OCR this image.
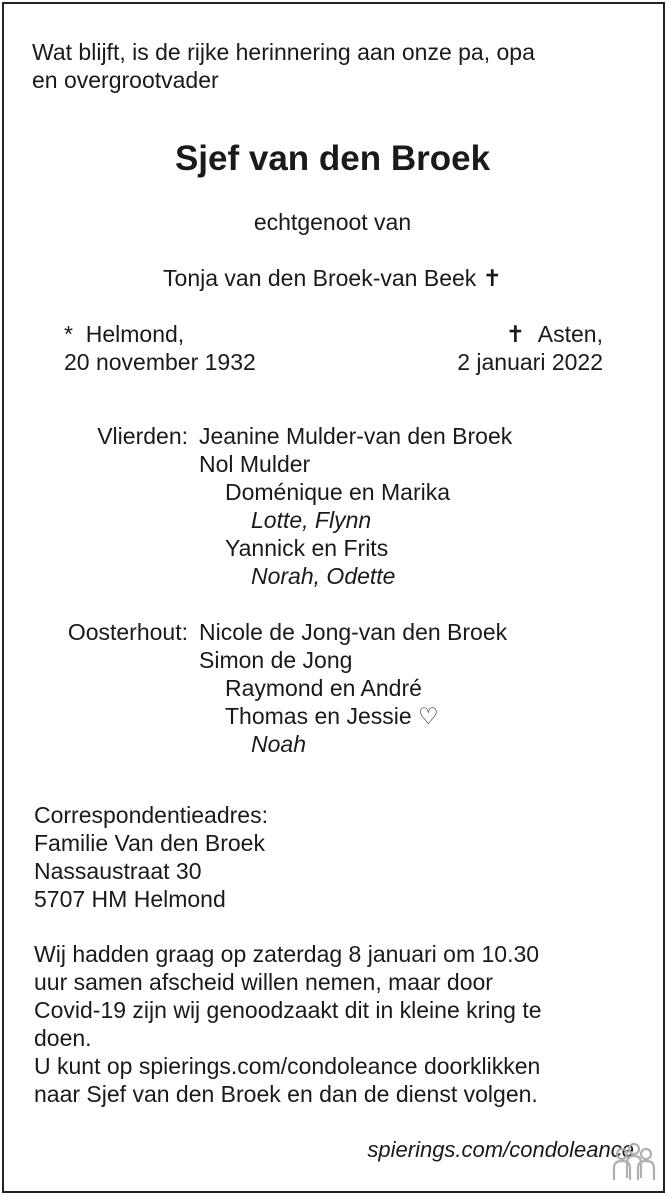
Wat blijft, is de rijke herinnering aan onze pa, opa
en overgrootvader
Sjef van den Broek
echtgenoot van
Tonja van den Broek-van Beek ✝
* Helmond,
20 november 1932
✝ Asten,
2 januari 2022
Vlierden: Jeanine Mulder-van den Broek
Nol Mulder
Doménique en Marika
Lotte, Flynn
Yannick en Frits
Norah, Odette
Oosterhout: Nicole de Jong-van den Broek
Simon de Jong
Raymond en André
Thomas en Jessie ♡
Noah
Correspondentieadres:
Familie Van den Broek
Nassaustraat 30
5707 HM Helmond
Wij hadden graag op zaterdag 8 januari om 10.30
uur samen afscheid willen nemen, maar door
Covid-19 zijn wij genoodzaakt dit in kleine kring te
doen.
U kunt op spierings.com/condoleance doorklikken
naar Sjef van den Broek en dan de dienst volgen.
spierings.com/condoleance
